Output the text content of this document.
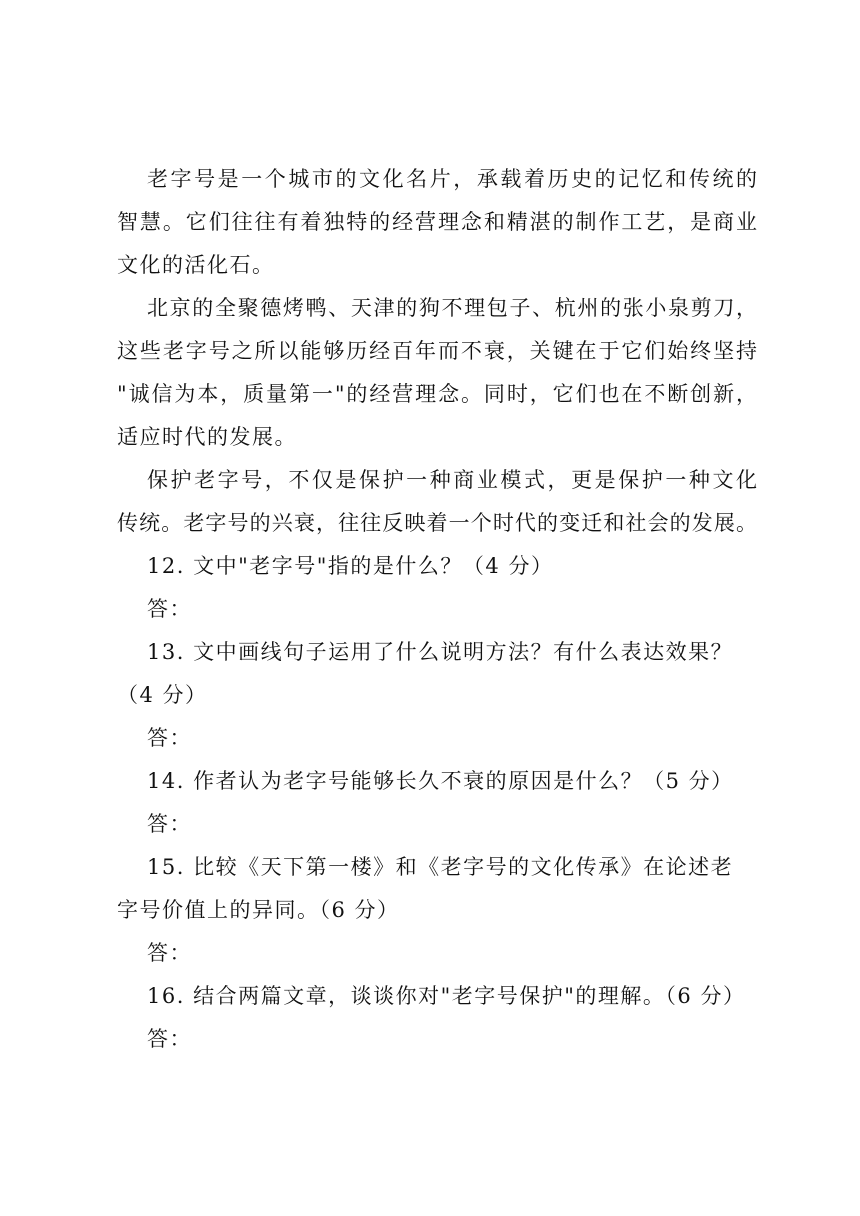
老字号是一个城市的文化名片，承载着历史的记忆和传统的

智慧。它们往往有着独特的经营理念和精湛的制作工艺，是商业

文化的活化石。

北京的全聚德烤鸭、天津的狗不理包子、杭州的张小泉剪刀，

这些老字号之所以能够历经百年而不衰，关键在于它们始终坚持

"诚信为本，质量第一"的经营理念。同时，它们也在不断创新，

适应时代的发展。

保护老字号，不仅是保护一种商业模式，更是保护一种文化

传统。老字号的兴衰，往往反映着一个时代的变迁和社会的发展。

12. 文中"老字号"指的是什么？（4 分）

答：

13. 文中画线句子运用了什么说明方法？有什么表达效果？

（4 分）

答：

14. 作者认为老字号能够长久不衰的原因是什么？（5 分）

答：

15. 比较《天下第一楼》和《老字号的文化传承》在论述老

字号价值上的异同。（6 分）

答：

16. 结合两篇文章，谈谈你对"老字号保护"的理解。（6 分）

答：
